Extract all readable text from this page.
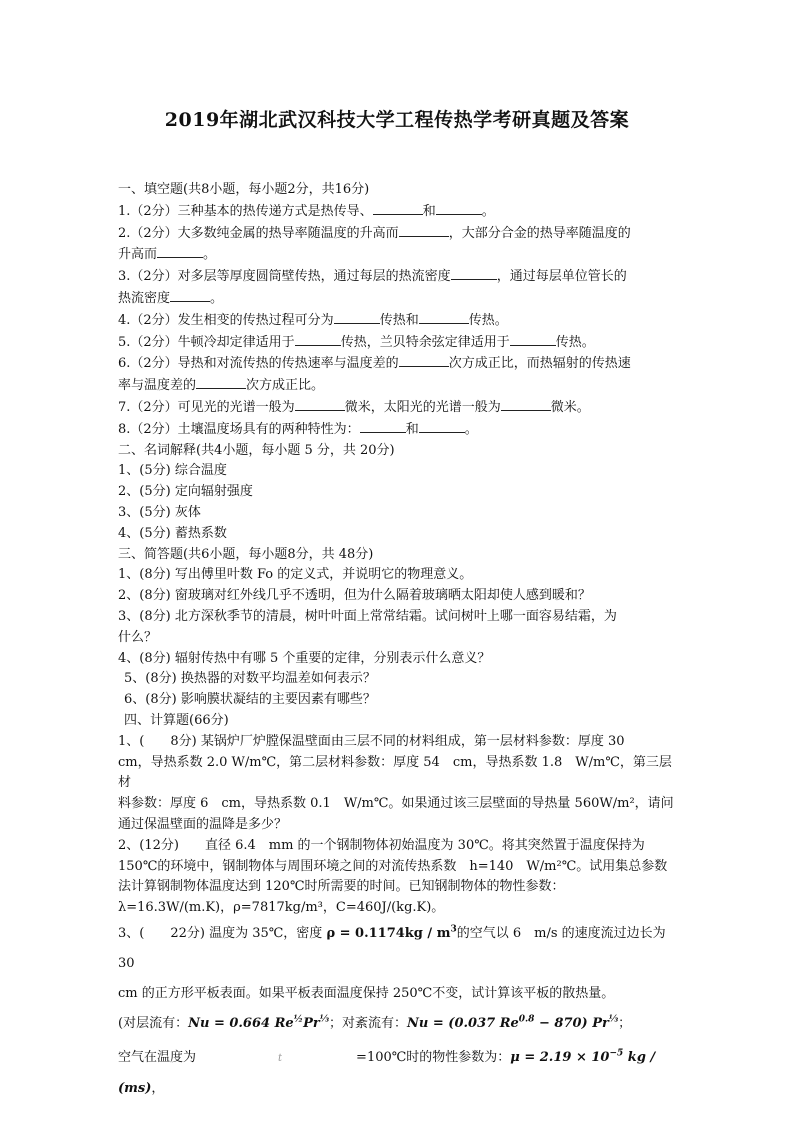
2019年湖北武汉科技大学工程传热学考研真题及答案

一、填空题(共8小题，每小题2分，共16分)

1.（2分）三种基本的热传递方式是热传导、	和	。

2.（2分）大多数纯金属的热导率随温度的升高而	，大部分合金的热导率随温度的

升高而	。

3.（2分）对多层等厚度圆筒壁传热，通过每层的热流密度	，通过每层单位管长的

热流密度	。

4.（2分）发生相变的传热过程可分为	传热和	传热。

5.（2分）牛顿冷却定律适用于	传热，兰贝特余弦定律适用于	传热。

6.（2分）导热和对流传热的传热速率与温度差的	次方成正比，而热辐射的传热速

率与温度差的	次方成正比。

7.（2分）可见光的光谱一般为	微米，太阳光的光谱一般为	微米。

8.（2分）土壤温度场具有的两种特性为：	和	。

二、名词解释(共4小题，每小题 5 分，共 20分)

1、(5分) 综合温度

2、(5分) 定向辐射强度

3、(5分) 灰体

4、(5分) 蓄热系数

三、简答题(共6小题，每小题8分，共 48分)

1、(8分) 写出傅里叶数 Fo 的定义式，并说明它的物理意义。

2、(8分) 窗玻璃对红外线几乎不透明，但为什么隔着玻璃晒太阳却使人感到暖和？

3、(8分) 北方深秋季节的清晨，树叶叶面上常常结霜。试问树叶上哪一面容易结霜，为

什么？

4、(8分) 辐射传热中有哪 5 个重要的定律，分别表示什么意义？

5、(8分) 换热器的对数平均温差如何表示？

6、(8分) 影响膜状凝结的主要因素有哪些？

四、计算题(66分)

1、(　　8分) 某锅炉厂炉膛保温壁面由三层不同的材料组成，第一层材料参数：厚度 30

cm，导热系数 2.0 W/m℃，第二层材料参数：厚度 54　cm，导热系数 1.8　W/m℃，第三层材

料参数：厚度 6　cm，导热系数 0.1　W/m℃。如果通过该三层壁面的导热量 560W/m²，请问

通过保温壁面的温降是多少？

2、(12分)　　直径 6.4　mm 的一个钢制物体初始温度为 30℃。将其突然置于温度保持为

150℃的环境中，钢制物体与周围环境之间的对流传热系数　h=140　W/m²℃。试用集总参数

法计算钢制物体温度达到 120℃时所需要的时间。已知钢制物体的物性参数：

λ=16.3W/(m.K)，ρ=7817kg/m³，C=460J/(kg.K)。

3、(　　22分) 温度为 35℃，密度 $\rho = 0.1174kg / m^3$的空气以 6　m/s 的速度流过边长为 30

cm 的正方形平板表面。如果平板表面温度保持 250℃不变，试计算该平板的散热量。

(对层流有：Nu = 0.664 $Re^{\frac{1}{2}}Pr^{\frac{1}{3}}$；对紊流有：Nu = (0.037 $Re^{0.8} - 870$) $Pr^{\frac{1}{3}}$；

空气在温度为	t	=100℃时的物性参数为：$\mu = 2.19 \times 10^{-5}$ kg / (ms)，
